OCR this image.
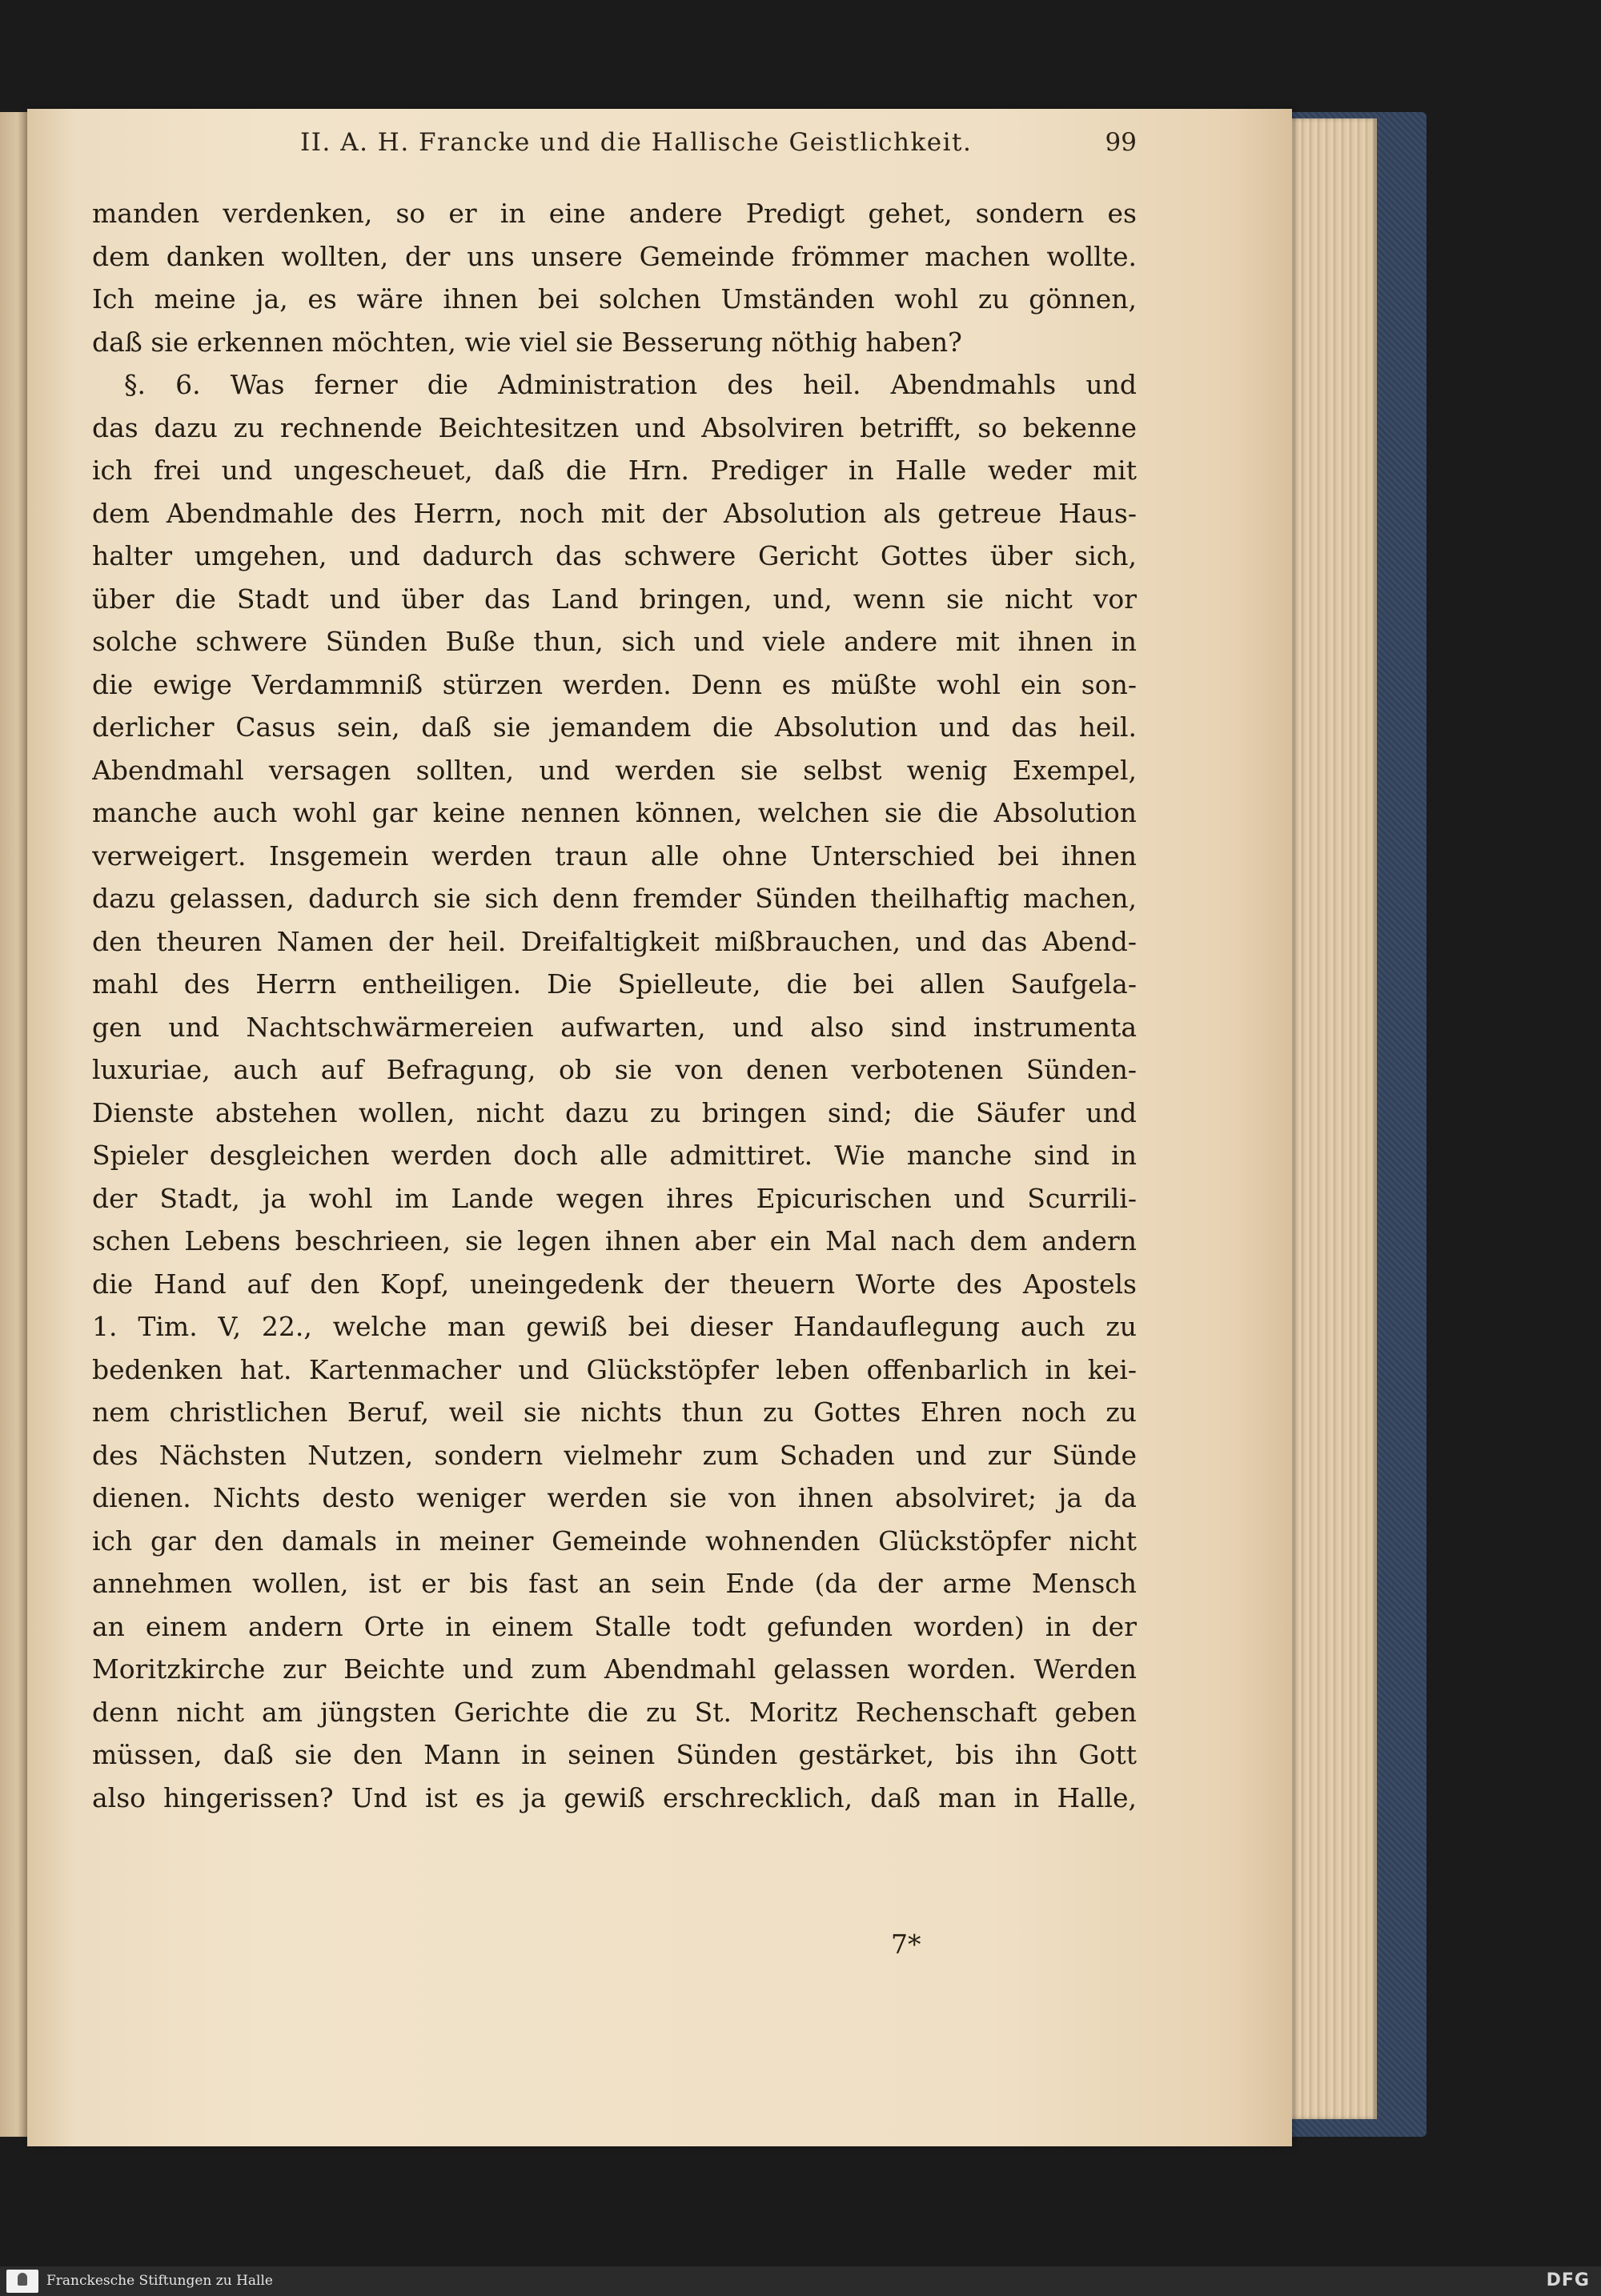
II. A. H. Francke und die Hallische Geistlichkeit.	99
manden verdenken, so er in eine andere Predigt gehet, sondern es
dem danken wollten, der uns unsere Gemeinde frömmer machen wollte.
Ich meine ja, es wäre ihnen bei solchen Umständen wohl zu gönnen,
daß sie erkennen möchten, wie viel sie Besserung nöthig haben?
§. 6. Was ferner die Administration des heil. Abendmahls und
das dazu zu rechnende Beichtesitzen und Absolviren betrifft, so bekenne
ich frei und ungescheuet, daß die Hrn. Prediger in Halle weder mit
dem Abendmahle des Herrn, noch mit der Absolution als getreue Haus-
halter umgehen, und dadurch das schwere Gericht Gottes über sich,
über die Stadt und über das Land bringen, und, wenn sie nicht vor
solche schwere Sünden Buße thun, sich und viele andere mit ihnen in
die ewige Verdammniß stürzen werden. Denn es müßte wohl ein son-
derlicher Casus sein, daß sie jemandem die Absolution und das heil.
Abendmahl versagen sollten, und werden sie selbst wenig Exempel,
manche auch wohl gar keine nennen können, welchen sie die Absolution
verweigert. Insgemein werden traun alle ohne Unterschied bei ihnen
dazu gelassen, dadurch sie sich denn fremder Sünden theilhaftig machen,
den theuren Namen der heil. Dreifaltigkeit mißbrauchen, und das Abend-
mahl des Herrn entheiligen. Die Spielleute, die bei allen Saufgela-
gen und Nachtschwärmereien aufwarten, und also sind instrumenta
luxuriae, auch auf Befragung, ob sie von denen verbotenen Sünden-
Dienste abstehen wollen, nicht dazu zu bringen sind; die Säufer und
Spieler desgleichen werden doch alle admittiret. Wie manche sind in
der Stadt, ja wohl im Lande wegen ihres Epicurischen und Scurrili-
schen Lebens beschrieen, sie legen ihnen aber ein Mal nach dem andern
die Hand auf den Kopf, uneingedenk der theuern Worte des Apostels
1. Tim. V, 22., welche man gewiß bei dieser Handauflegung auch zu
bedenken hat. Kartenmacher und Glückstöpfer leben offenbarlich in kei-
nem christlichen Beruf, weil sie nichts thun zu Gottes Ehren noch zu
des Nächsten Nutzen, sondern vielmehr zum Schaden und zur Sünde
dienen. Nichts desto weniger werden sie von ihnen absolviret; ja da
ich gar den damals in meiner Gemeinde wohnenden Glückstöpfer nicht
annehmen wollen, ist er bis fast an sein Ende (da der arme Mensch
an einem andern Orte in einem Stalle todt gefunden worden) in der
Moritzkirche zur Beichte und zum Abendmahl gelassen worden. Werden
denn nicht am jüngsten Gerichte die zu St. Moritz Rechenschaft geben
müssen, daß sie den Mann in seinen Sünden gestärket, bis ihn Gott
also hingerissen? Und ist es ja gewiß erschrecklich, daß man in Halle,
7*
Franckesche Stiftungen zu Halle	DFG
